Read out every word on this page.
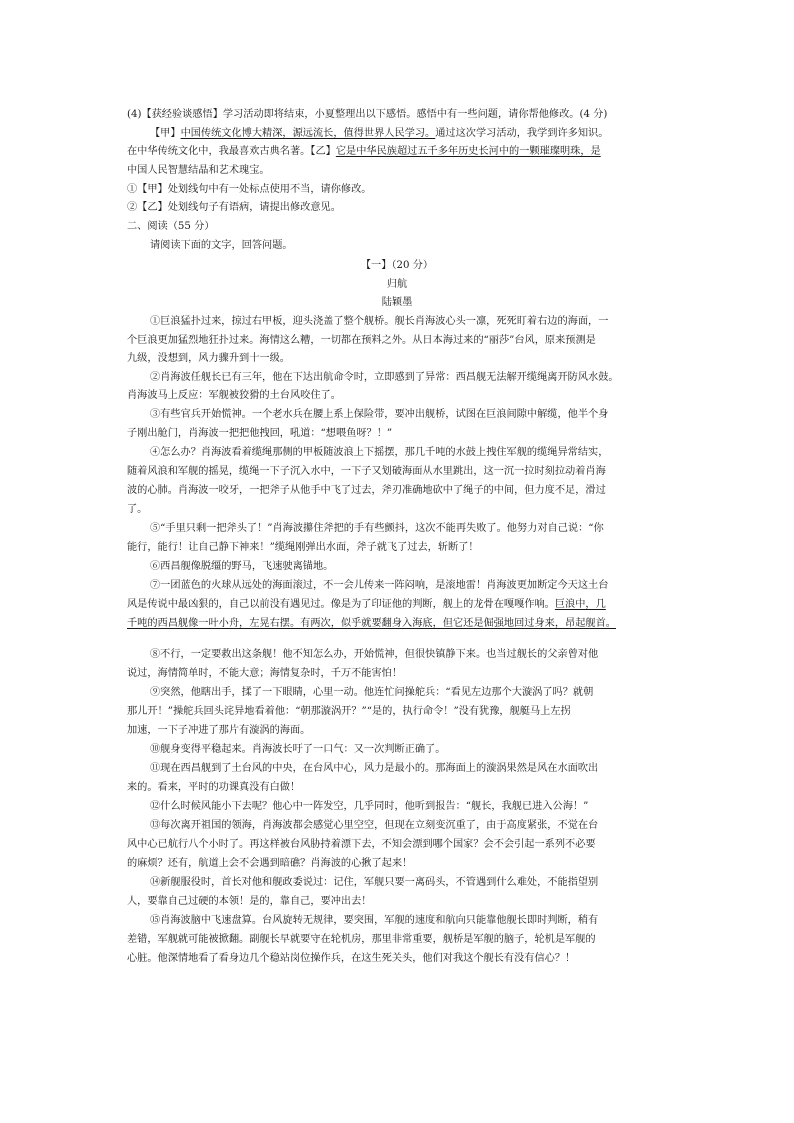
(4)【获经验谈感悟】学习活动即将结束，小夏整理出以下感悟。感悟中有一些问题，请你帮他修改。(4 分)
【甲】中国传统文化博大精深，源远流长，值得世界人民学习。通过这次学习活动，我学到许多知识。
在中华传统文化中，我最喜欢古典名著。【乙】它是中华民族超过五千多年历史长河中的一颗璀璨明珠，是
中国人民智慧结晶和艺术瑰宝。
①【甲】处划线句中有一处标点使用不当，请你修改。
②【乙】处划线句子有语病，请提出修改意见。
二、阅读（55 分）
请阅读下面的文字，回答问题。
【一】（20 分）
归航
陆颖墨
①巨浪猛扑过来，掠过右甲板，迎头浇盖了整个舰桥。舰长肖海波心头一凛，死死盯着右边的海面，一
个巨浪更加猛烈地狂扑过来。海情这么糟，一切都在预料之外。从日本海过来的“丽莎”台风，原来预测是
九级，没想到，风力骤升到十一级。
②肖海波任舰长已有三年，他在下达出航命令时，立即感到了异常：西昌舰无法解开缆绳离开防风水鼓。
肖海波马上反应：军舰被狡猾的土台风咬住了。
③有些官兵开始慌神。一个老水兵在腰上系上保险带，要冲出舰桥，试图在巨浪间隙中解缆，他半个身
子刚出舱门，肖海波一把把他拽回，吼道：“想喂鱼呀？！”
④怎么办？肖海波看着缆绳那侧的甲板随波浪上下摇摆，那几千吨的水鼓上拽住军舰的缆绳异常结实，
随着风浪和军舰的摇晃，缆绳一下子沉入水中，一下子又划破海面从水里跳出，这一沉一拉时刻拉动着肖海
波的心肺。肖海波一咬牙，一把斧子从他手中飞了过去，斧刃准确地砍中了绳子的中间，但力度不足，滑过
了。
⑤“手里只剩一把斧头了！”肖海波攥住斧把的手有些颤抖，这次不能再失败了。他努力对自己说：“你
能行，能行！让自己静下神来！”缆绳刚弹出水面，斧子就飞了过去，斩断了！
⑥西昌舰像脱缰的野马，飞速驶离锚地。
⑦一团蓝色的火球从远处的海面滚过，不一会儿传来一阵闷响，是滚地雷！肖海波更加断定今天这土台
风是传说中最凶狠的，自己以前没有遇见过。像是为了印证他的判断，舰上的龙骨在嘎嘎作响。巨浪中，几
千吨的西昌舰像一叶小舟，左晃右摆。有两次，似乎就要翻身入海底，但它还是倔强地回过身来，昂起舰首。
⑧不行，一定要救出这条舰！他不知怎么办，开始慌神，但很快镇静下来。也当过舰长的父亲曾对他
说过，海情简单时，不能大意；海情复杂时，千万不能害怕！
⑨突然，他瞎出手，揉了一下眼睛，心里一动。他连忙问操舵兵：“看见左边那个大漩涡了吗？就朝
那儿开！”操舵兵回头诧异地看着他：“朝那漩涡开？”“是的，执行命令！”没有犹豫，舰艇马上左拐
加速，一下子冲进了那片有漩涡的海面。
⑩舰身变得平稳起来。肖海波长吁了一口气：又一次判断正确了。
⑪现在西昌舰到了土台风的中央，在台风中心，风力是最小的。那海面上的漩涡果然是风在水面吹出
来的。看来，平时的功课真没有白做！
⑫什么时候风能小下去呢？他心中一阵发空，几乎同时，他听到报告：“舰长，我舰已进入公海！”
⑬每次离开祖国的领海，肖海波都会感觉心里空空，但现在立刻变沉重了，由于高度紧张，不觉在台
风中心已航行八个小时了。再这样被台风胁持着漂下去，不知会漂到哪个国家？会不会引起一系列不必要
的麻烦？还有，航道上会不会遇到暗礁？肖海波的心揪了起来！
⑭新舰服役时，首长对他和舰政委说过：记住，军舰只要一离码头，不管遇到什么难处，不能指望别
人，要靠自己过硬的本领！是的，靠自己，要冲出去！
⑮肖海波脑中飞速盘算。台风旋转无规律，要突围，军舰的速度和航向只能靠他舰长即时判断，稍有
差错，军舰就可能被掀翻。副舰长早就要守在轮机房，那里非常重要，舰桥是军舰的脑子，轮机是军舰的
心脏。他深情地看了看身边几个稳站岗位操作兵，在这生死关头，他们对我这个舰长有没有信心？！
